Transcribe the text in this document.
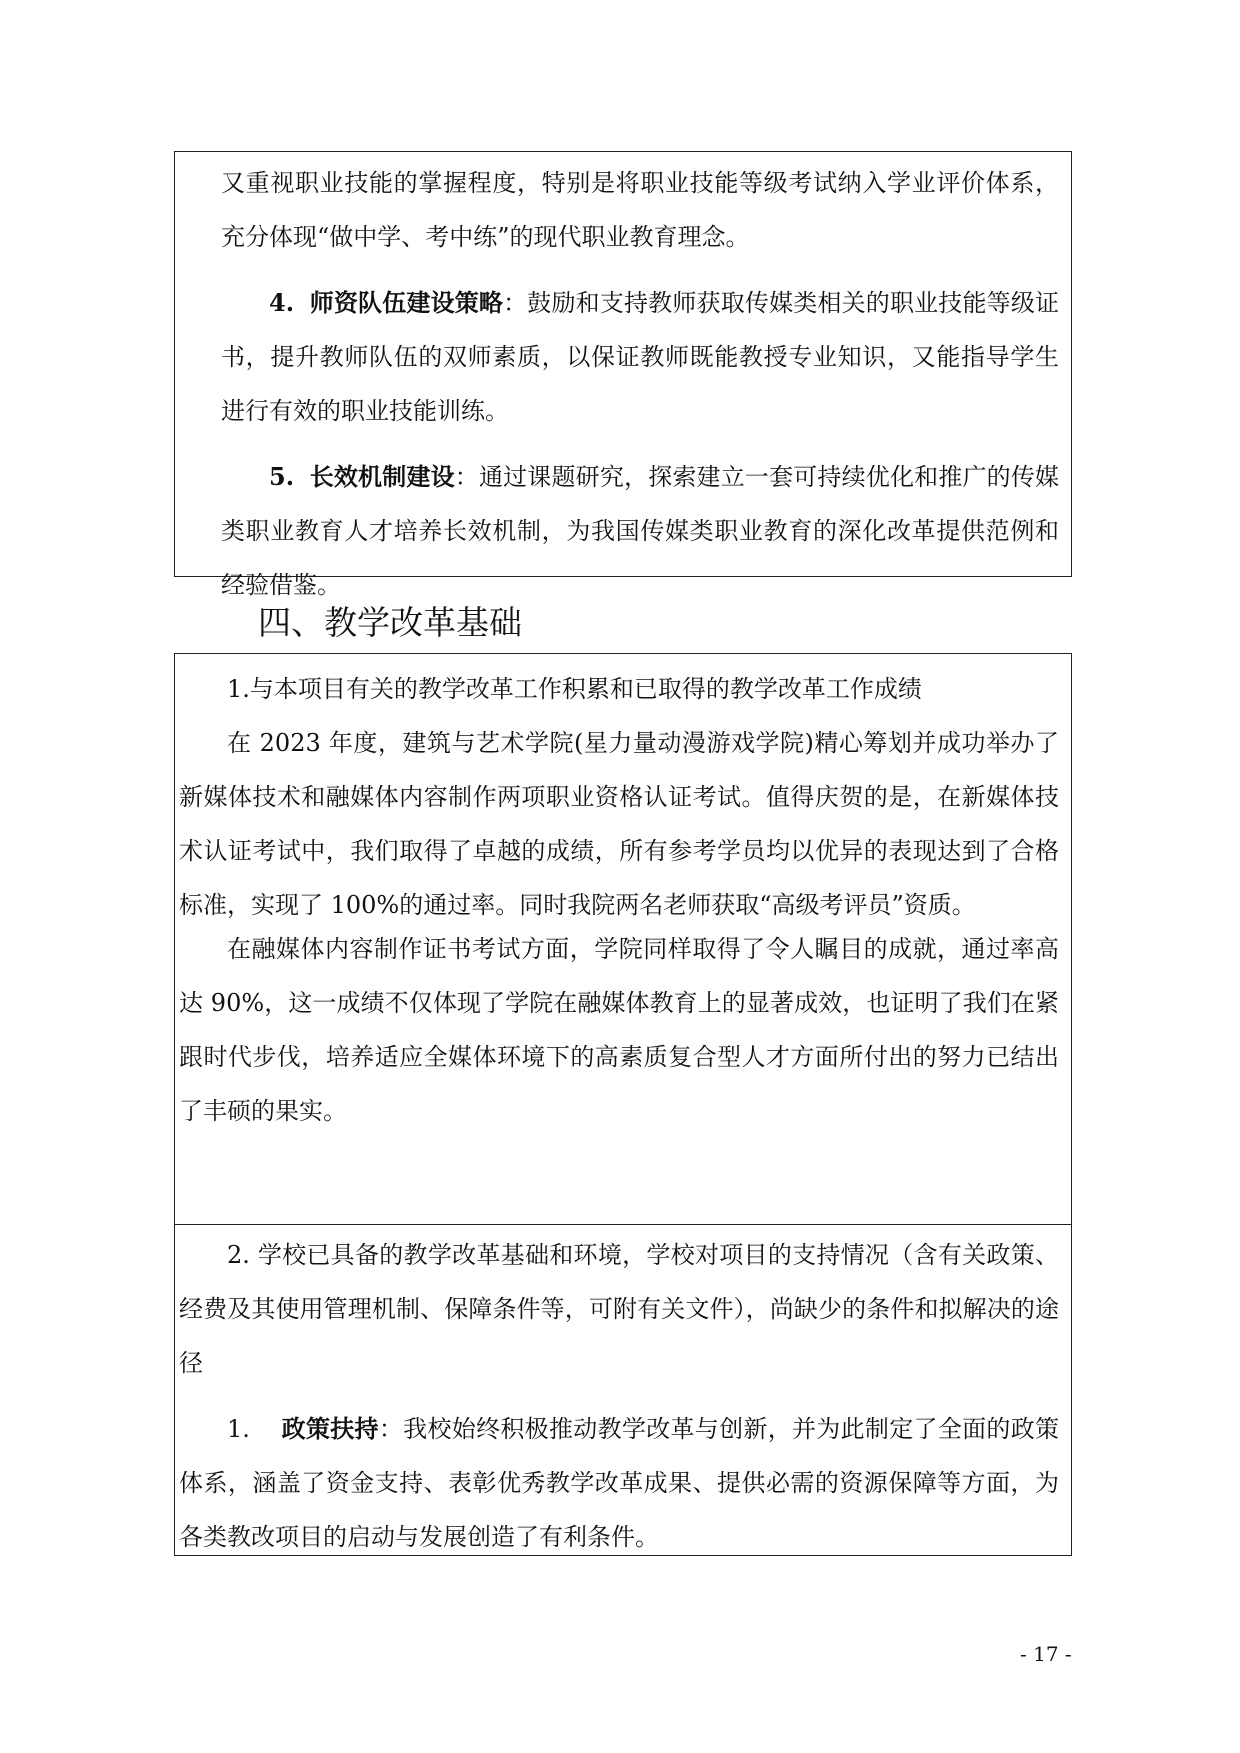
又重视职业技能的掌握程度，特别是将职业技能等级考试纳入学业评价体系，充分体现“做中学、考中练”的现代职业教育理念。

4. 师资队伍建设策略：鼓励和支持教师获取传媒类相关的职业技能等级证书，提升教师队伍的双师素质，以保证教师既能教授专业知识，又能指导学生进行有效的职业技能训练。

5. 长效机制建设：通过课题研究，探索建立一套可持续优化和推广的传媒类职业教育人才培养长效机制，为我国传媒类职业教育的深化改革提供范例和经验借鉴。

四、教学改革基础

1.与本项目有关的教学改革工作积累和已取得的教学改革工作成绩

在 2023 年度，建筑与艺术学院(星力量动漫游戏学院)精心筹划并成功举办了新媒体技术和融媒体内容制作两项职业资格认证考试。值得庆贺的是，在新媒体技术认证考试中，我们取得了卓越的成绩，所有参考学员均以优异的表现达到了合格标准，实现了 100%的通过率。同时我院两名老师获取“高级考评员”资质。

在融媒体内容制作证书考试方面，学院同样取得了令人瞩目的成就，通过率高达 90%，这一成绩不仅体现了学院在融媒体教育上的显著成效，也证明了我们在紧跟时代步伐，培养适应全媒体环境下的高素质复合型人才方面所付出的努力已结出了丰硕的果实。

2. 学校已具备的教学改革基础和环境，学校对项目的支持情况（含有关政策、经费及其使用管理机制、保障条件等，可附有关文件），尚缺少的条件和拟解决的途径

1. 政策扶持：我校始终积极推动教学改革与创新，并为此制定了全面的政策体系，涵盖了资金支持、表彰优秀教学改革成果、提供必需的资源保障等方面，为各类教改项目的启动与发展创造了有利条件。

- 17 -
